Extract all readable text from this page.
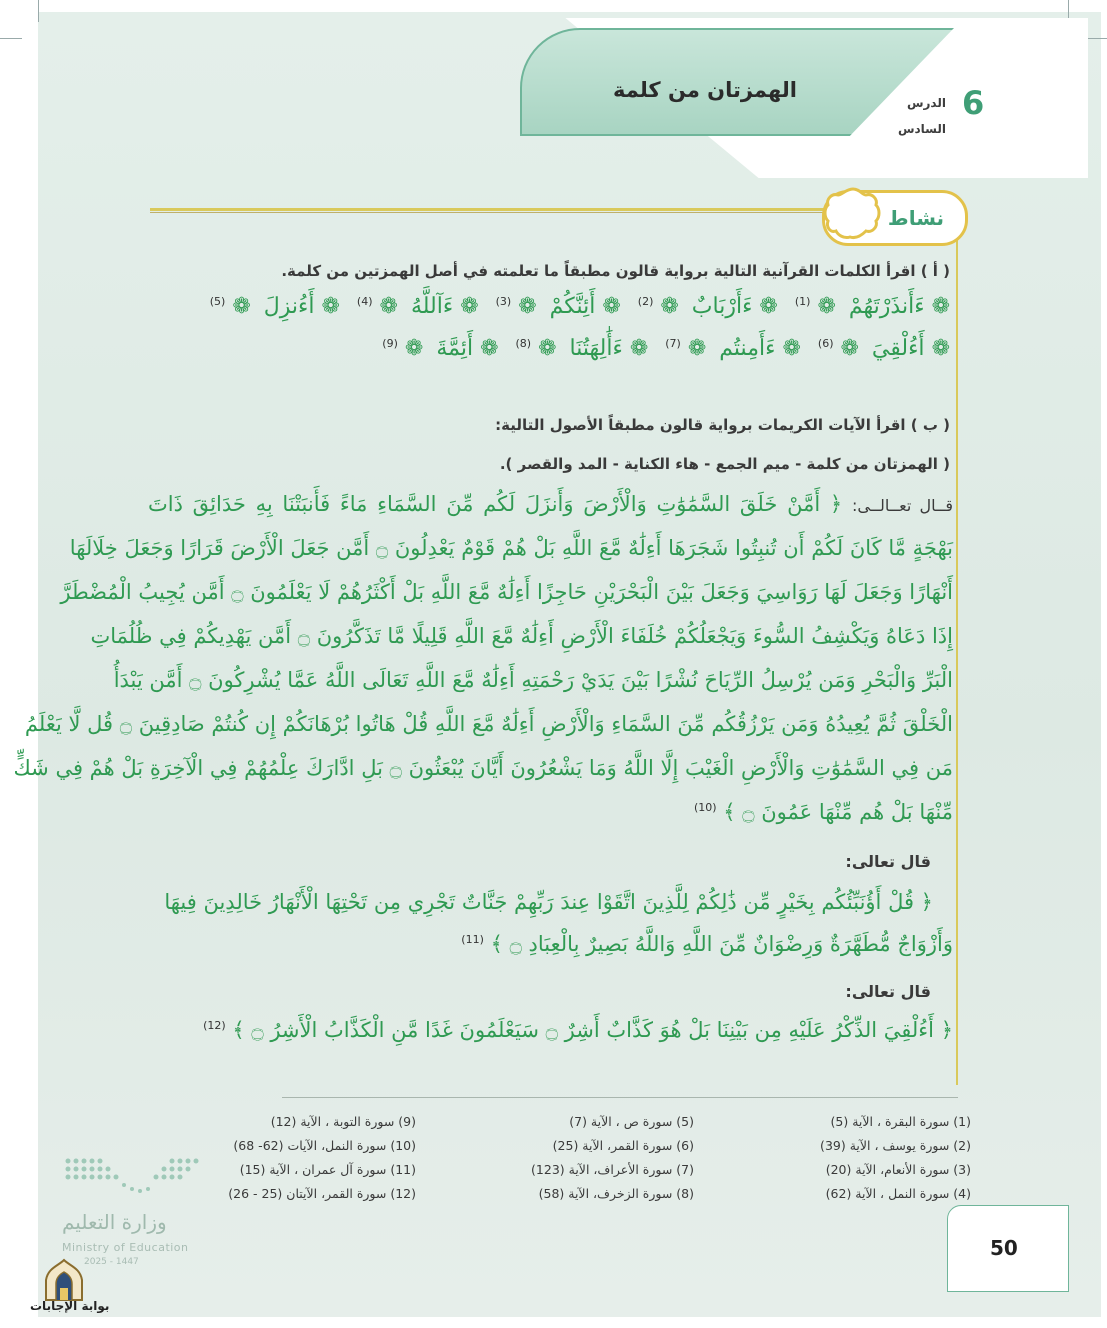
الهمزتان من كلمة
الدرس
السادس
6
نشاط
( أ ) اقرأ الكلمات القرآنية التالية برواية قالون مطبقاً ما تعلمته في أصل الهمزتين من كلمة.
❁ ءَأَنذَرْتَهُمْ ❁ $^{(1)}$ ❁ ءَأَرْبَابٌ ❁ $^{(2)}$ ❁ أَئِنَّكُمْ ❁ $^{(3)}$ ❁ ءَآللَّهُ ❁ $^{(4)}$ ❁ أَءُنزِلَ ❁ $^{(5)}$
❁ أَءُلْقِيَ ❁ $^{(6)}$ ❁ ءَأَمِنتُم ❁ $^{(7)}$ ❁ ءَأَٰلِهَتُنَا ❁ $^{(8)}$ ❁ أَئِمَّةَ ❁ $^{(9)}$
( ب ) اقرأ الآيات الكريمات برواية قالون مطبقاً الأصول التالية:
( الهمزتان من كلمة - ميم الجمع - هاء الكناية - المد والقصر ).
قــال تعــالــى: ﴿ أَمَّنْ خَلَقَ السَّمَٰوَٰتِ وَالْأَرْضَ وَأَنزَلَ لَكُم مِّنَ السَّمَاءِ مَاءً فَأَنبَتْنَا بِهِ حَدَائِقَ ذَاتَ
بَهْجَةٍ مَّا كَانَ لَكُمْ أَن تُنبِتُوا شَجَرَهَا أَءِلَٰهٌ مَّعَ اللَّهِ بَلْ هُمْ قَوْمٌ يَعْدِلُونَ ۝ أَمَّن جَعَلَ الْأَرْضَ قَرَارًا وَجَعَلَ خِلَالَهَا
أَنْهَارًا وَجَعَلَ لَهَا رَوَاسِيَ وَجَعَلَ بَيْنَ الْبَحْرَيْنِ حَاجِزًا أَءِلَٰهٌ مَّعَ اللَّهِ بَلْ أَكْثَرُهُمْ لَا يَعْلَمُونَ ۝ أَمَّن يُجِيبُ الْمُضْطَرَّ
إِذَا دَعَاهُ وَيَكْشِفُ السُّوءَ وَيَجْعَلُكُمْ خُلَفَاءَ الْأَرْضِ أَءِلَٰهٌ مَّعَ اللَّهِ قَلِيلًا مَّا تَذَكَّرُونَ ۝ أَمَّن يَهْدِيكُمْ فِي ظُلُمَاتِ
الْبَرِّ وَالْبَحْرِ وَمَن يُرْسِلُ الرِّيَاحَ نُشْرًا بَيْنَ يَدَيْ رَحْمَتِهِ أَءِلَٰهٌ مَّعَ اللَّهِ تَعَالَى اللَّهُ عَمَّا يُشْرِكُونَ ۝ أَمَّن يَبْدَأُ
الْخَلْقَ ثُمَّ يُعِيدُهُ وَمَن يَرْزُقُكُم مِّنَ السَّمَاءِ وَالْأَرْضِ أَءِلَٰهٌ مَّعَ اللَّهِ قُلْ هَاتُوا بُرْهَانَكُمْ إِن كُنتُمْ صَادِقِينَ ۝ قُل لَّا يَعْلَمُ
مَن فِي السَّمَٰوَٰتِ وَالْأَرْضِ الْغَيْبَ إِلَّا اللَّهُ وَمَا يَشْعُرُونَ أَيَّانَ يُبْعَثُونَ ۝ بَلِ ادَّارَكَ عِلْمُهُمْ فِي الْآخِرَةِ بَلْ هُمْ فِي شَكٍّ
مِّنْهَا بَلْ هُم مِّنْهَا عَمُونَ ۝ ﴾ $^{(10)}$
قال تعالى:
﴿ قُلْ أَؤُنَبِّئُكُم بِخَيْرٍ مِّن ذَٰلِكُمْ لِلَّذِينَ اتَّقَوْا عِندَ رَبِّهِمْ جَنَّاتٌ تَجْرِي مِن تَحْتِهَا الْأَنْهَارُ خَالِدِينَ فِيهَا
وَأَزْوَاجٌ مُّطَهَّرَةٌ وَرِضْوَانٌ مِّنَ اللَّهِ وَاللَّهُ بَصِيرٌ بِالْعِبَادِ ۝ ﴾ $^{(11)}$
قال تعالى:
﴿ أَءُلْقِيَ الذِّكْرُ عَلَيْهِ مِن بَيْنِنَا بَلْ هُوَ كَذَّابٌ أَشِرٌ ۝ سَيَعْلَمُونَ غَدًا مَّنِ الْكَذَّابُ الْأَشِرُ ۝ ﴾ $^{(12)}$
(1) سورة البقرة ، الآية (5)
(2) سورة يوسف ، الآية (39)
(3) سورة الأنعام، الآية (20)
(4) سورة النمل ، الآية (62)
(5) سورة ص ، الآية (7)
(6) سورة القمر، الآية (25)
(7) سورة الأعراف، الآية (123)
(8) سورة الزخرف، الآية (58)
(9) سورة التوبة ، الآية (12)
(10) سورة النمل، الآيات (62- 68)
(11) سورة آل عمران ، الآية (15)
(12) سورة القمر، الآيتان (25 - 26)
50
وزارة التعليم
Ministry of Education
2025 - 1447
بوابة الإجابات
